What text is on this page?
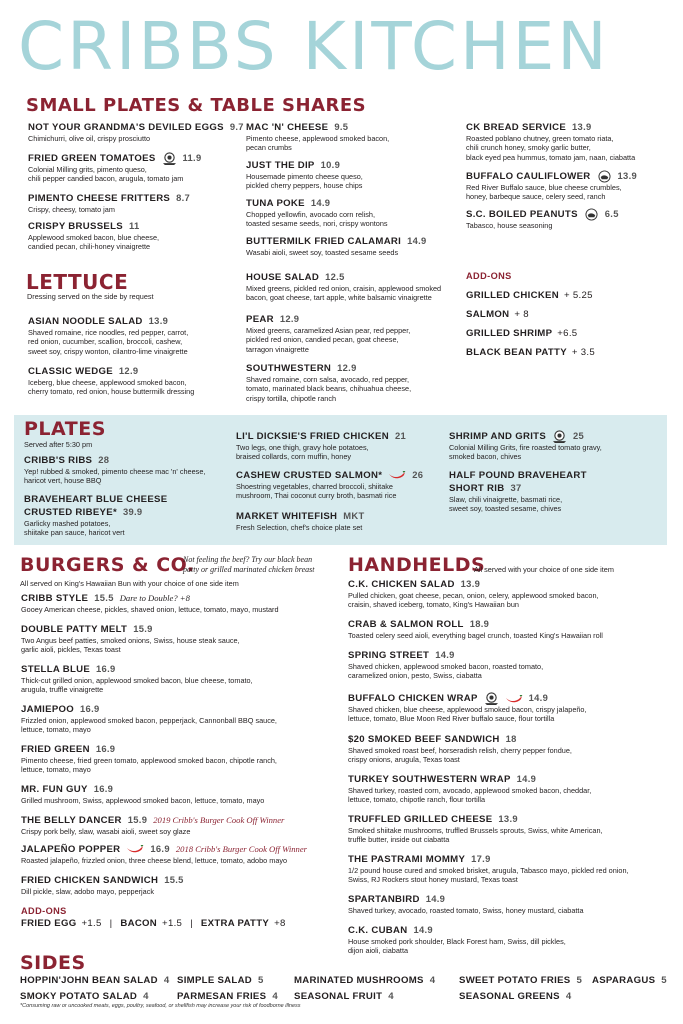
CRIBBS KITCHEN
SMALL PLATES & TABLE SHARES
NOT YOUR GRANDMA'S DEVILED EGGS 9.7
Chimichurri, olive oil, crispy prosciutto
FRIED GREEN TOMATOES	11.9
Colonial Milling grits, pimento queso,
chili pepper candied bacon, arugula, tomato jam
PIMENTO CHEESE FRITTERS 8.7
Crispy, cheesy, tomato jam
CRISPY BRUSSELS 11
Applewood smoked bacon, blue cheese,
candied pecan, chili-honey vinaigrette
MAC 'N' CHEESE 9.5
Pimento cheese, applewood smoked bacon,
pecan crumbs
JUST THE DIP 10.9
Housemade pimento cheese queso,
pickled cherry peppers, house chips
TUNA POKE 14.9
Chopped yellowfin, avocado corn relish,
toasted sesame seeds, nori, crispy wontons
BUTTERMILK FRIED CALAMARI 14.9
Wasabi aioli, sweet soy, toasted sesame seeds
CK BREAD SERVICE 13.9
Roasted poblano chutney, green tomato riata,
chili crunch honey, smoky garlic butter,
black eyed pea hummus, tomato jam, naan, ciabatta
BUFFALO CAULIFLOWER	13.9
Red River Buffalo sauce, blue cheese crumbles,
honey, barbeque sauce, celery seed, ranch
S.C. BOILED PEANUTS	6.5
Tabasco, house seasoning
LETTUCE
Dressing served on the side by request
ASIAN NOODLE SALAD 13.9
Shaved romaine, rice noodles, red pepper, carrot,
red onion, cucumber, scallion, broccoli, cashew,
sweet soy, crispy wonton, cilantro-lime vinaigrette
CLASSIC WEDGE 12.9
Iceberg, blue cheese, applewood smoked bacon,
cherry tomato, red onion, house buttermilk dressing
HOUSE SALAD 12.5
Mixed greens, pickled red onion, craisin, applewood smoked
bacon, goat cheese, tart apple, white balsamic vinaigrette
PEAR 12.9
Mixed greens, caramelized Asian pear, red pepper,
pickled red onion, candied pecan, goat cheese,
tarragon vinaigrette
SOUTHWESTERN 12.9
Shaved romaine, corn salsa, avocado, red pepper,
tomato, marinated black beans, chihuahua cheese,
crispy tortilla, chipotle ranch
ADD-ONS
GRILLED CHICKEN + 5.25
SALMON + 8
GRILLED SHRIMP +6.5
BLACK BEAN PATTY + 3.5
PLATES
Served after 5:30 pm
CRIBB'S RIBS 28
Yep! rubbed & smoked, pimento cheese mac 'n' cheese,
haricot vert, house BBQ
BRAVEHEART BLUE CHEESE
CRUSTED RIBEYE* 39.9
Garlicky mashed potatoes,
shiitake pan sauce, haricot vert
LI'L DICKSIE'S FRIED CHICKEN 21
Two legs, one thigh, gravy hole potatoes,
braised collards, corn muffin, honey
CASHEW CRUSTED SALMON*	26
Shoestring vegetables, charred broccoli, shiitake
mushroom, Thai coconut curry broth, basmati rice
MARKET WHITEFISH MKT
Fresh Selection, chef's choice plate set
SHRIMP AND GRITS	25
Colonial Milling Grits, fire roasted tomato gravy,
smoked bacon, chives
HALF POUND BRAVEHEART
SHORT RIB 37
Slaw, chili vinaigrette, basmati rice,
sweet soy, toasted sesame, chives
BURGERS & CO.
Not feeling the beef? Try our black bean
patty or grilled marinated chicken breast
All served on King's Hawaiian Bun with your choice of one side item
CRIBB STYLE 15.5 Dare to Double? +8
Gooey American cheese, pickles, shaved onion, lettuce, tomato, mayo, mustard
DOUBLE PATTY MELT 15.9
Two Angus beef patties, smoked onions, Swiss, house steak sauce,
garlic aioli, pickles, Texas toast
STELLA BLUE 16.9
Thick-cut grilled onion, applewood smoked bacon, blue cheese, tomato,
arugula, truffle vinaigrette
JAMIEPOO 16.9
Frizzled onion, applewood smoked bacon, pepperjack, Cannonball BBQ sauce,
lettuce, tomato, mayo
FRIED GREEN 16.9
Pimento cheese, fried green tomato, applewood smoked bacon, chipotle ranch,
lettuce, tomato, mayo
MR. FUN GUY 16.9
Grilled mushroom, Swiss, applewood smoked bacon, lettuce, tomato, mayo
THE BELLY DANCER 15.9 2019 Cribb's Burger Cook Off Winner
Crispy pork belly, slaw, wasabi aioli, sweet soy glaze
JALAPEÑO POPPER	16.9 2018 Cribb's Burger Cook Off Winner
Roasted jalapeño, frizzled onion, three cheese blend, lettuce, tomato, adobo mayo
FRIED CHICKEN SANDWICH 15.5
Dill pickle, slaw, adobo mayo, pepperjack
ADD-ONS
FRIED EGG +1.5 | BACON +1.5 | EXTRA PATTY +8
HANDHELDS
All served with your choice of one side item
C.K. CHICKEN SALAD 13.9
Pulled chicken, goat cheese, pecan, onion, celery, applewood smoked bacon,
craisin, shaved iceberg, tomato, King's Hawaiian bun
CRAB & SALMON ROLL 18.9
Toasted celery seed aioli, everything bagel crunch, toasted King's Hawaiian roll
SPRING STREET 14.9
Shaved chicken, applewood smoked bacon, roasted tomato,
caramelized onion, pesto, Swiss, ciabatta
BUFFALO CHICKEN WRAP	14.9
Shaved chicken, blue cheese, applewood smoked bacon, crispy jalapeño,
lettuce, tomato, Blue Moon Red River buffalo sauce, flour tortilla
$20 SMOKED BEEF SANDWICH 18
Shaved smoked roast beef, horseradish relish, cherry pepper fondue,
crispy onions, arugula, Texas toast
TURKEY SOUTHWESTERN WRAP 14.9
Shaved turkey, roasted corn, avocado, applewood smoked bacon, cheddar,
lettuce, tomato, chipotle ranch, flour tortilla
TRUFFLED GRILLED CHEESE 13.9
Smoked shiitake mushrooms, truffled Brussels sprouts, Swiss, white American,
truffle butter, inside out ciabatta
THE PASTRAMI MOMMY 17.9
1/2 pound house cured and smoked brisket, arugula, Tabasco mayo, pickled red onion,
Swiss, RJ Rockers stout honey mustard, Texas toast
SPARTANBIRD 14.9
Shaved turkey, avocado, roasted tomato, Swiss, honey mustard, ciabatta
C.K. CUBAN 14.9
House smoked pork shoulder, Black Forest ham, Swiss, dill pickles,
dijon aioli, ciabatta
SIDES
HOPPIN'JOHN BEAN SALAD 4 SIMPLE SALAD 5	MARINATED MUSHROOMS 4 SWEET POTATO FRIES 5 ASPARAGUS 5
SMOKY POTATO SALAD 4	PARMESAN FRIES 4 SEASONAL FRUIT 4	SEASONAL GREENS 4
*Consuming raw or uncooked meats, eggs, poultry, seafood, or shellfish may increase your risk of foodborne illness
